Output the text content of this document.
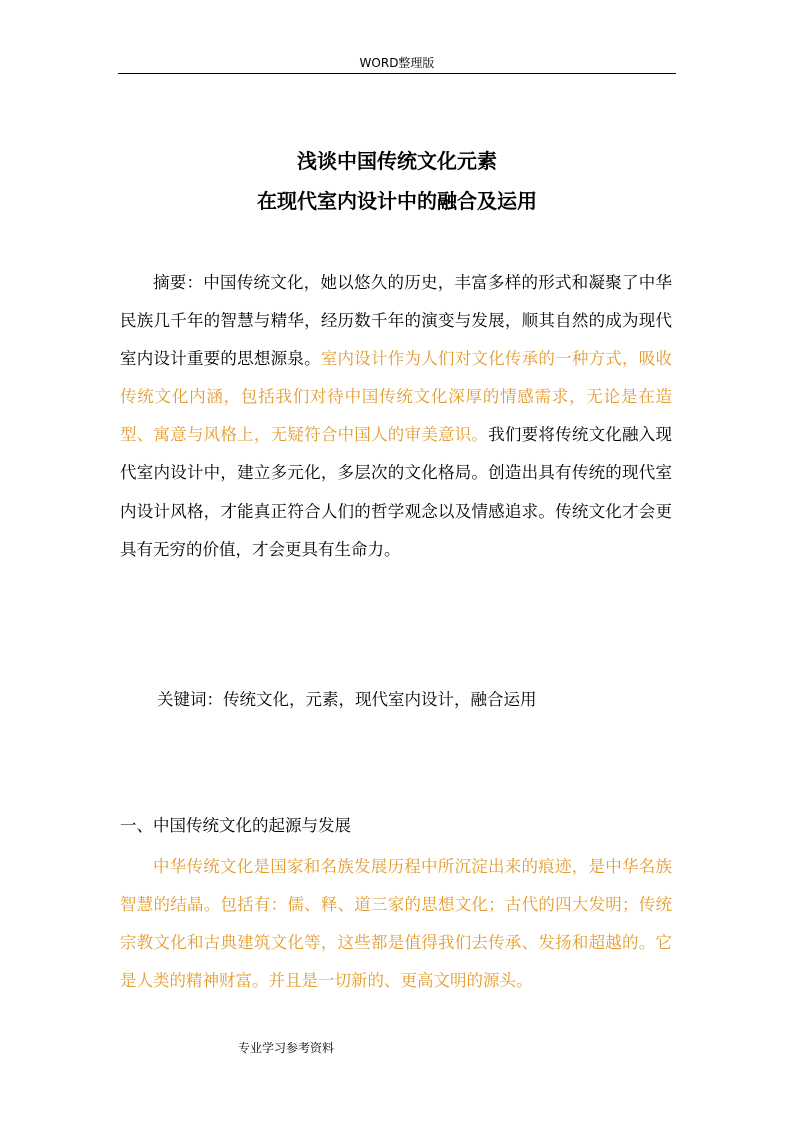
WORD整理版
浅谈中国传统文化元素
在现代室内设计中的融合及运用

摘要：中国传统文化，她以悠久的历史，丰富多样的形式和凝聚了中华民族几千年的智慧与精华，经历数千年的演变与发展，顺其自然的成为现代室内设计重要的思想源泉。室内设计作为人们对文化传承的一种方式，吸收传统文化内涵，包括我们对待中国传统文化深厚的情感需求，无论是在造型、寓意与风格上，无疑符合中国人的审美意识。我们要将传统文化融入现代室内设计中，建立多元化，多层次的文化格局。创造出具有传统的现代室内设计风格，才能真正符合人们的哲学观念以及情感追求。传统文化才会更具有无穷的价值，才会更具有生命力。

关键词：传统文化，元素，现代室内设计，融合运用
一、中国传统文化的起源与发展

中华传统文化是国家和名族发展历程中所沉淀出来的痕迹，是中华名族智慧的结晶。包括有：儒、释、道三家的思想文化；古代的四大发明；传统宗教文化和古典建筑文化等，这些都是值得我们去传承、发扬和超越的。它是人类的精神财富。并且是一切新的、更高文明的源头。

专业学习参考资料
